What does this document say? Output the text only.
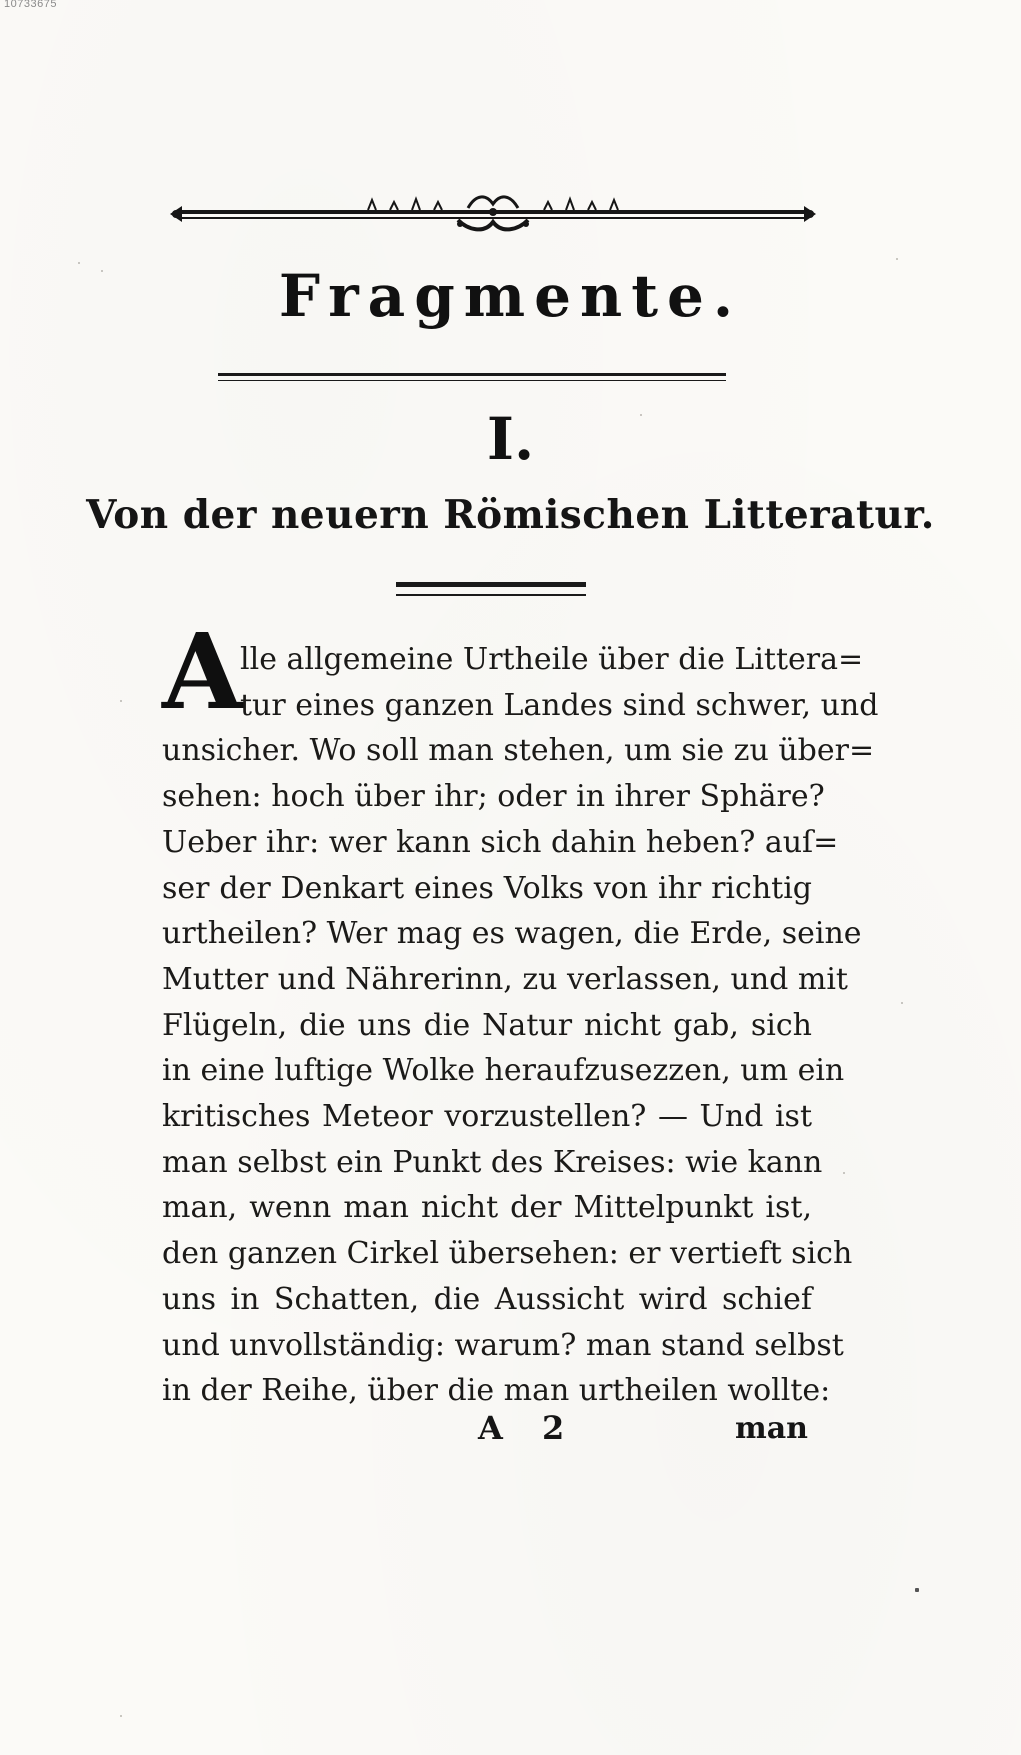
10733675
Fragmente.
I.
Von der neuern Römischen Litteratur.
A
lle allgemeine Urtheile über die Littera=
tur eines ganzen Landes sind schwer, und
unsicher. Wo soll man stehen, um sie zu über=
sehen: hoch über ihr; oder in ihrer Sphäre?
Ueber ihr: wer kann sich dahin heben? auſ=
ser der Denkart eines Volks von ihr richtig
urtheilen? Wer mag es wagen, die Erde, seine
Mutter und Nährerinn, zu verlassen, und mit
Flügeln, die uns die Natur nicht gab, sich
in eine luftige Wolke heraufzusezzen, um ein
kritisches Meteor vorzustellen? — Und ist
man selbst ein Punkt des Kreises: wie kann
man, wenn man nicht der Mittelpunkt ist,
den ganzen Cirkel übersehen: er vertieft sich
uns in Schatten, die Aussicht wird schief
und unvollständig: warum? man stand selbst
in der Reihe, über die man urtheilen wollte:
A 2	man
